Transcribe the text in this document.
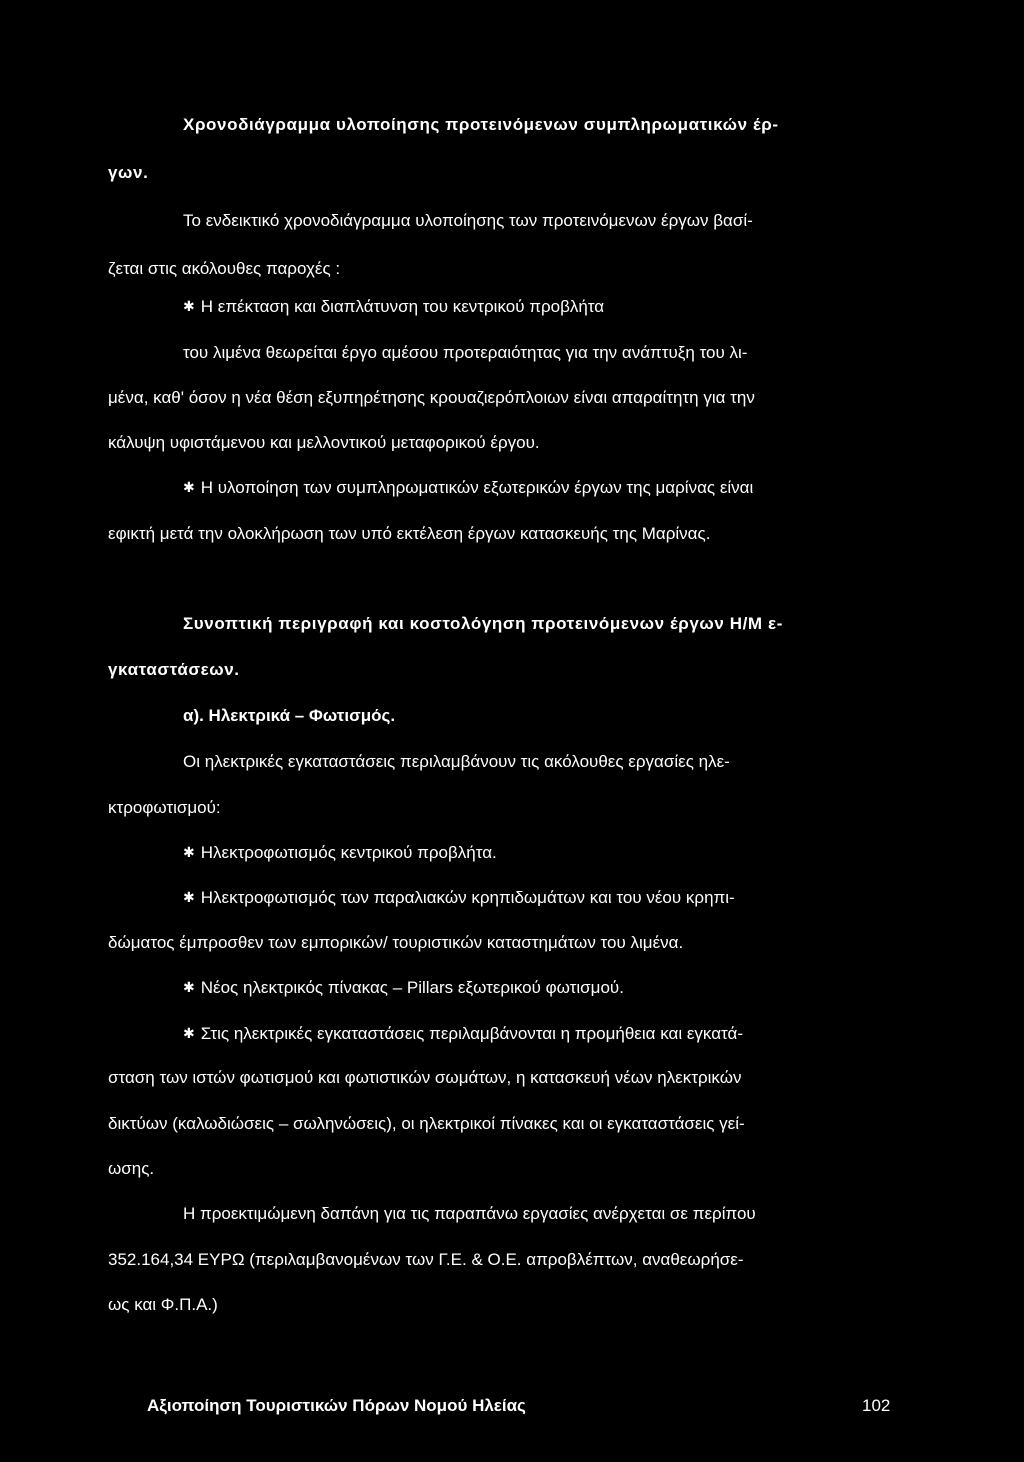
Χρονοδιάγραμμα υλοποίησης προτεινόμενων συμπληρωματικών έρ-
γων.
Το ενδεικτικό χρονοδιάγραμμα υλοποίησης των προτεινόμενων έργων βασί-
ζεται στις ακόλουθες παροχές :
✱ Η επέκταση και διαπλάτυνση του κεντρικού προβλήτα
του λιμένα θεωρείται έργο αμέσου προτεραιότητας για την ανάπτυξη του λι-
μένα, καθ' όσον η νέα θέση εξυπηρέτησης κρουαζιερόπλοιων είναι απαραίτητη για την
κάλυψη υφιστάμενου και μελλοντικού μεταφορικού έργου.
✱ Η υλοποίηση των συμπληρωματικών εξωτερικών έργων της μαρίνας είναι
εφικτή μετά την ολοκλήρωση των υπό εκτέλεση έργων κατασκευής της Μαρίνας.
Συνοπτική περιγραφή και κοστολόγηση προτεινόμενων έργων Η/Μ ε-
γκαταστάσεων.
α). Ηλεκτρικά – Φωτισμός.
Οι ηλεκτρικές εγκαταστάσεις περιλαμβάνουν τις ακόλουθες εργασίες ηλε-
κτροφωτισμού:
✱ Ηλεκτροφωτισμός κεντρικού προβλήτα.
✱ Ηλεκτροφωτισμός των παραλιακών κρηπιδωμάτων και του νέου κρηπι-
δώματος έμπροσθεν των εμπορικών/ τουριστικών καταστημάτων του λιμένα.
✱ Νέος ηλεκτρικός πίνακας – Pillars εξωτερικού φωτισμού.
✱ Στις ηλεκτρικές εγκαταστάσεις περιλαμβάνονται η προμήθεια και εγκατά-
σταση των ιστών φωτισμού και φωτιστικών σωμάτων, η κατασκευή νέων ηλεκτρικών
δικτύων (καλωδιώσεις – σωληνώσεις), οι ηλεκτρικοί πίνακες και οι εγκαταστάσεις γεί-
ωσης.
Η προεκτιμώμενη δαπάνη για τις παραπάνω εργασίες ανέρχεται σε περίπου
352.164,34 ΕΥΡΩ (περιλαμβανομένων των Γ.Ε. & Ο.Ε. απροβλέπτων, αναθεωρήσε-
ως και Φ.Π.Α.)
Αξιοποίηση Τουριστικών Πόρων Νομού Ηλείας	102
